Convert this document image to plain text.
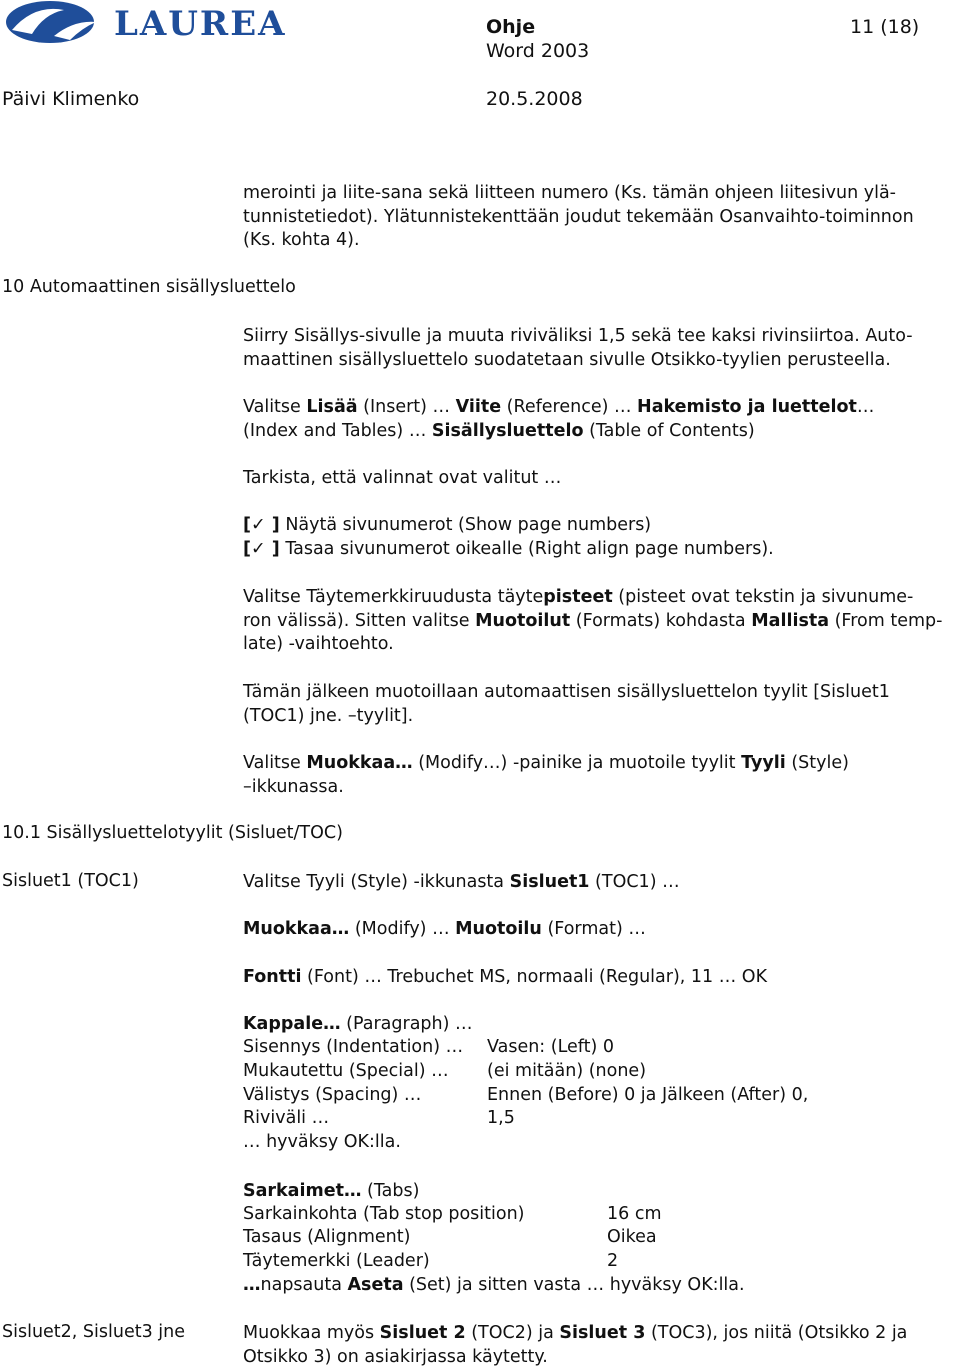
LAUREA	Ohje
Word 2003
11 (18)
Päivi Klimenko	20.5.2008
merointi ja liite-sana sekä liitteen numero (Ks. tämän ohjeen liitesivun ylä-
tunnistetiedot). Ylätunnistekenttään joudut tekemään Osanvaihto-toiminnon
(Ks. kohta 4).
10 Automaattinen sisällysluettelo
Siirry Sisällys-sivulle ja muuta riviväliksi 1,5 sekä tee kaksi rivinsiirtoa. Auto-
maattinen sisällysluettelo suodatetaan sivulle Otsikko-tyylien perusteella.
Valitse Lisää (Insert) … Viite (Reference) … Hakemisto ja luettelot…
(Index and Tables) … Sisällysluettelo (Table of Contents)
Tarkista, että valinnat ovat valitut …
[✓ ] Näytä sivunumerot (Show page numbers)
[✓ ] Tasaa sivunumerot oikealle (Right align page numbers).
Valitse Täytemerkkiruudusta täytepisteet (pisteet ovat tekstin ja sivunume-
ron välissä). Sitten valitse Muotoilut (Formats) kohdasta Mallista (From temp-
late) -vaihtoehto.
Tämän jälkeen muotoillaan automaattisen sisällysluettelon tyylit [Sisluet1
(TOC1) jne. –tyylit].
Valitse Muokkaa… (Modify…) -painike ja muotoile tyylit Tyyli (Style)
–ikkunassa.
10.1 Sisällysluettelotyylit (Sisluet/TOC)
Sisluet1 (TOC1)	Valitse Tyyli (Style) -ikkunasta Sisluet1 (TOC1) …
Muokkaa… (Modify) … Muotoilu (Format) …
Fontti (Font) … Trebuchet MS, normaali (Regular), 11 … OK
Kappale… (Paragraph) …
Sisennys (Indentation) … Vasen: (Left) 0
Mukautettu (Special) … (ei mitään) (none)
Välistys (Spacing) …	Ennen (Before) 0 ja Jälkeen (After) 0,
Riviväli …	1,5
… hyväksy OK:lla.
Sarkaimet… (Tabs)
Sarkainkohta (Tab stop position)	16 cm
Tasaus (Alignment)	Oikea
Täytemerkki (Leader)	2
…napsauta Aseta (Set) ja sitten vasta … hyväksy OK:lla.
Sisluet2, Sisluet3 jne	Muokkaa myös Sisluet 2 (TOC2) ja Sisluet 3 (TOC3), jos niitä (Otsikko 2 ja
Otsikko 3) on asiakirjassa käytetty.
